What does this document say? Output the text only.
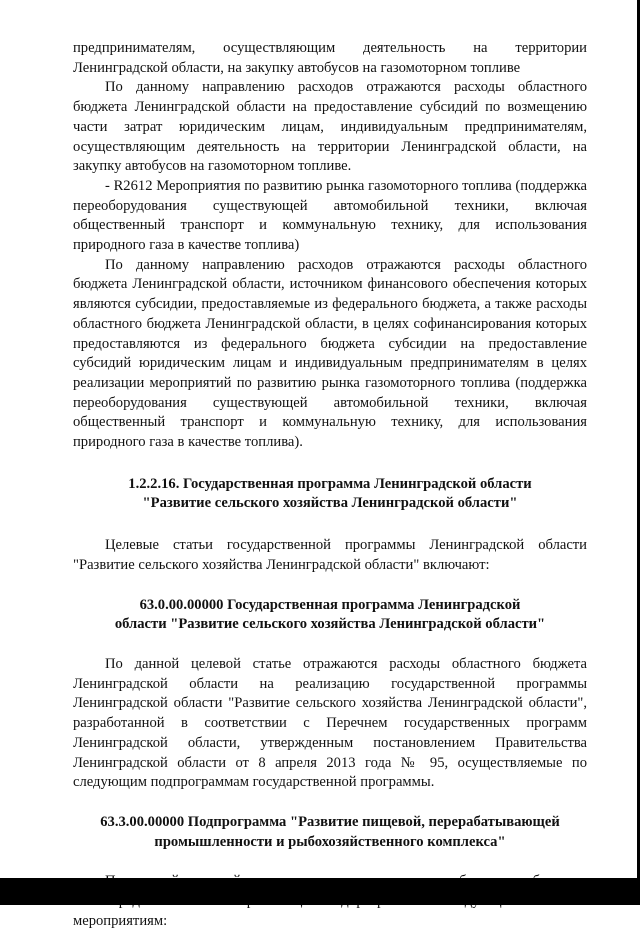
предпринимателям, осуществляющим деятельность на территории Ленинградской области, на закупку автобусов на газомоторном топливе

По данному направлению расходов отражаются расходы областного бюджета Ленинградской области на предоставление субсидий по возмещению части затрат юридическим лицам, индивидуальным предпринимателям, осуществляющим деятельность на территории Ленинградской области, на закупку автобусов на газомоторном топливе.

- R2612 Мероприятия по развитию рынка газомоторного топлива (поддержка переоборудования существующей автомобильной техники, включая общественный транспорт и коммунальную технику, для использования природного газа в качестве топлива)

По данному направлению расходов отражаются расходы областного бюджета Ленинградской области, источником финансового обеспечения которых являются субсидии, предоставляемые из федерального бюджета, а также расходы областного бюджета Ленинградской области, в целях софинансирования которых предоставляются из федерального бюджета субсидии на предоставление субсидий юридическим лицам и индивидуальным предпринимателям в целях реализации мероприятий по развитию рынка газомоторного топлива (поддержка переоборудования существующей автомобильной техники, включая общественный транспорт и коммунальную технику, для использования природного газа в качестве топлива).

1.2.2.16. Государственная программа Ленинградской области
"Развитие сельского хозяйства Ленинградской области"

Целевые статьи государственной программы Ленинградской области "Развитие сельского хозяйства Ленинградской области" включают:

63.0.00.00000 Государственная программа Ленинградской
области "Развитие сельского хозяйства Ленинградской области"

По данной целевой статье отражаются расходы областного бюджета Ленинградской области на реализацию государственной программы Ленинградской области "Развитие сельского хозяйства Ленинградской области", разработанной в соответствии с Перечнем государственных программ Ленинградской области, утвержденным постановлением Правительства Ленинградской области от 8 апреля 2013 года № 95, осуществляемые по следующим подпрограммам государственной программы.

63.3.00.00000 Подпрограмма "Развитие пищевой, перерабатывающей
промышленности и рыбохозяйственного комплекса"

мероприятиям:
